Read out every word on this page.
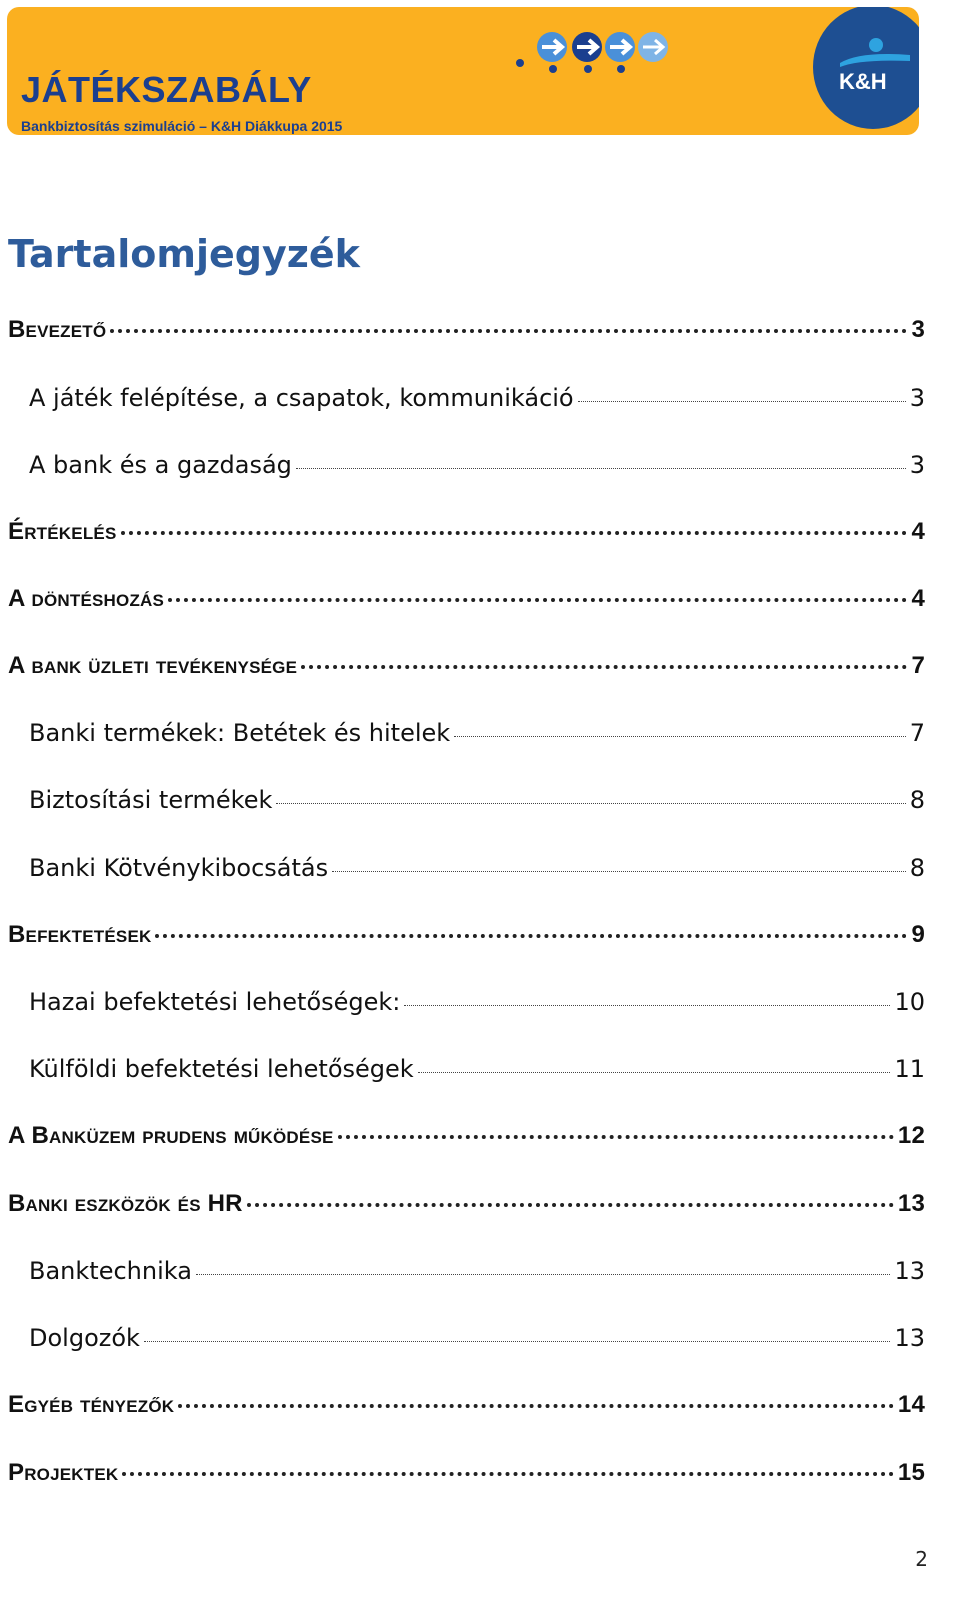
JÁTÉKSZABÁLY
Bankbiztosítás szimuláció – K&H Diákkupa 2015
K&H
Tartalomjegyzék
Bevezető	3
A játék felépítése, a csapatok, kommunikáció	3
A bank és a gazdaság	3
Értékelés	4
A döntéshozás	4
A bank üzleti tevékenysége	7
Banki termékek: Betétek és hitelek	7
Biztosítási termékek	8
Banki Kötvénykibocsátás	8
Befektetések	9
Hazai befektetési lehetőségek:	10
Külföldi befektetési lehetőségek	11
A Banküzem prudens működése	12
Banki eszközök és HR	13
Banktechnika	13
Dolgozók	13
Egyéb tényezők	14
Projektek	15
2
